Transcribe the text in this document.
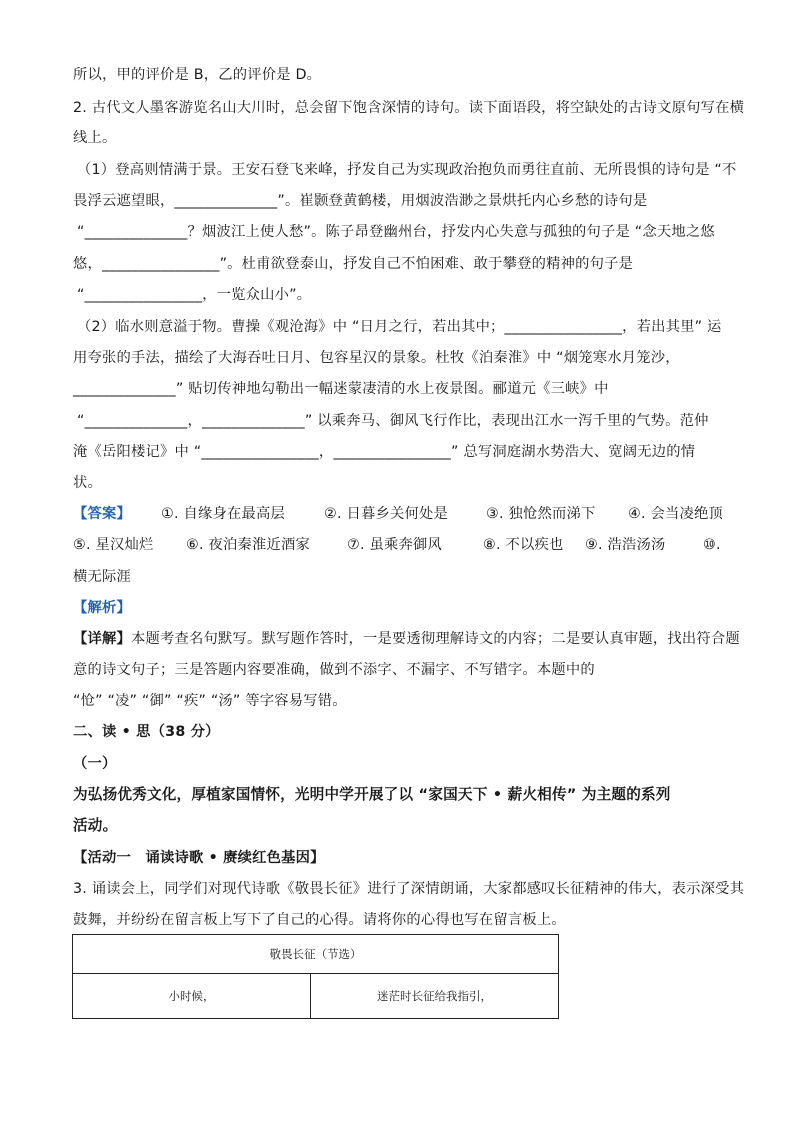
所以，甲的评价是 B，乙的评价是 D。
2. 古代文人墨客游览名山大川时，总会留下饱含深情的诗句。读下面语段，将空缺处的古诗文原句写在横
线上。
（1）登高则情满于景。王安石登飞来峰，抒发自己为实现政治抱负而勇往直前、无所畏惧的诗句是 “不
畏浮云遮望眼，______________”。崔颢登黄鹤楼，用烟波浩渺之景烘托内心乡愁的诗句是
“______________？烟波江上使人愁”。陈子昂登幽州台，抒发内心失意与孤独的句子是 “念天地之悠
悠，________________”。杜甫欲登泰山，抒发自己不怕困难、敢于攀登的精神的句子是
“________________，一览众山小”。
（2）临水则意溢于物。曹操《观沧海》中 “日月之行，若出其中；________________，若出其里” 运
用夸张的手法，描绘了大海吞吐日月、包容星汉的景象。杜牧《泊秦淮》中 “烟笼寒水月笼沙，
______________” 贴切传神地勾勒出一幅迷蒙凄清的水上夜景图。郦道元《三峡》中
“______________，______________” 以乘奔马、御风飞行作比，表现出江水一泻千里的气势。范仲
淹《岳阳楼记》中 “________________，________________” 总写洞庭湖水势浩大、宽阔无边的情
状。
【答案】 ①. 自缘身在最高层	②. 日暮乡关何处是	③. 独怆然而涕下 ④. 会当凌绝顶
⑤. 星汉灿烂 ⑥. 夜泊秦淮近酒家	⑦. 虽乘奔御风	⑧. 不以疾也 ⑨. 浩浩汤汤	⑩.
横无际涯
【解析】
【详解】本题考查名句默写。默写题作答时，一是要透彻理解诗文的内容；二是要认真审题，找出符合题
意的诗文句子；三是答题内容要准确，做到不添字、不漏字、不写错字。本题中的
“怆” “凌” “御” “疾” “汤” 等字容易写错。
二、读 • 思（38 分）
（一）
为弘扬优秀文化，厚植家国情怀，光明中学开展了以 “家国天下 • 薪火相传” 为主题的系列
活动。
【活动一　诵读诗歌 • 赓续红色基因】
3. 诵读会上，同学们对现代诗歌《敬畏长征》进行了深情朗诵，大家都感叹长征精神的伟大，表示深受其
鼓舞，并纷纷在留言板上写下了自己的心得。请将你的心得也写在留言板上。
敬畏长征（节选）
小时候，	迷茫时长征给我指引，
